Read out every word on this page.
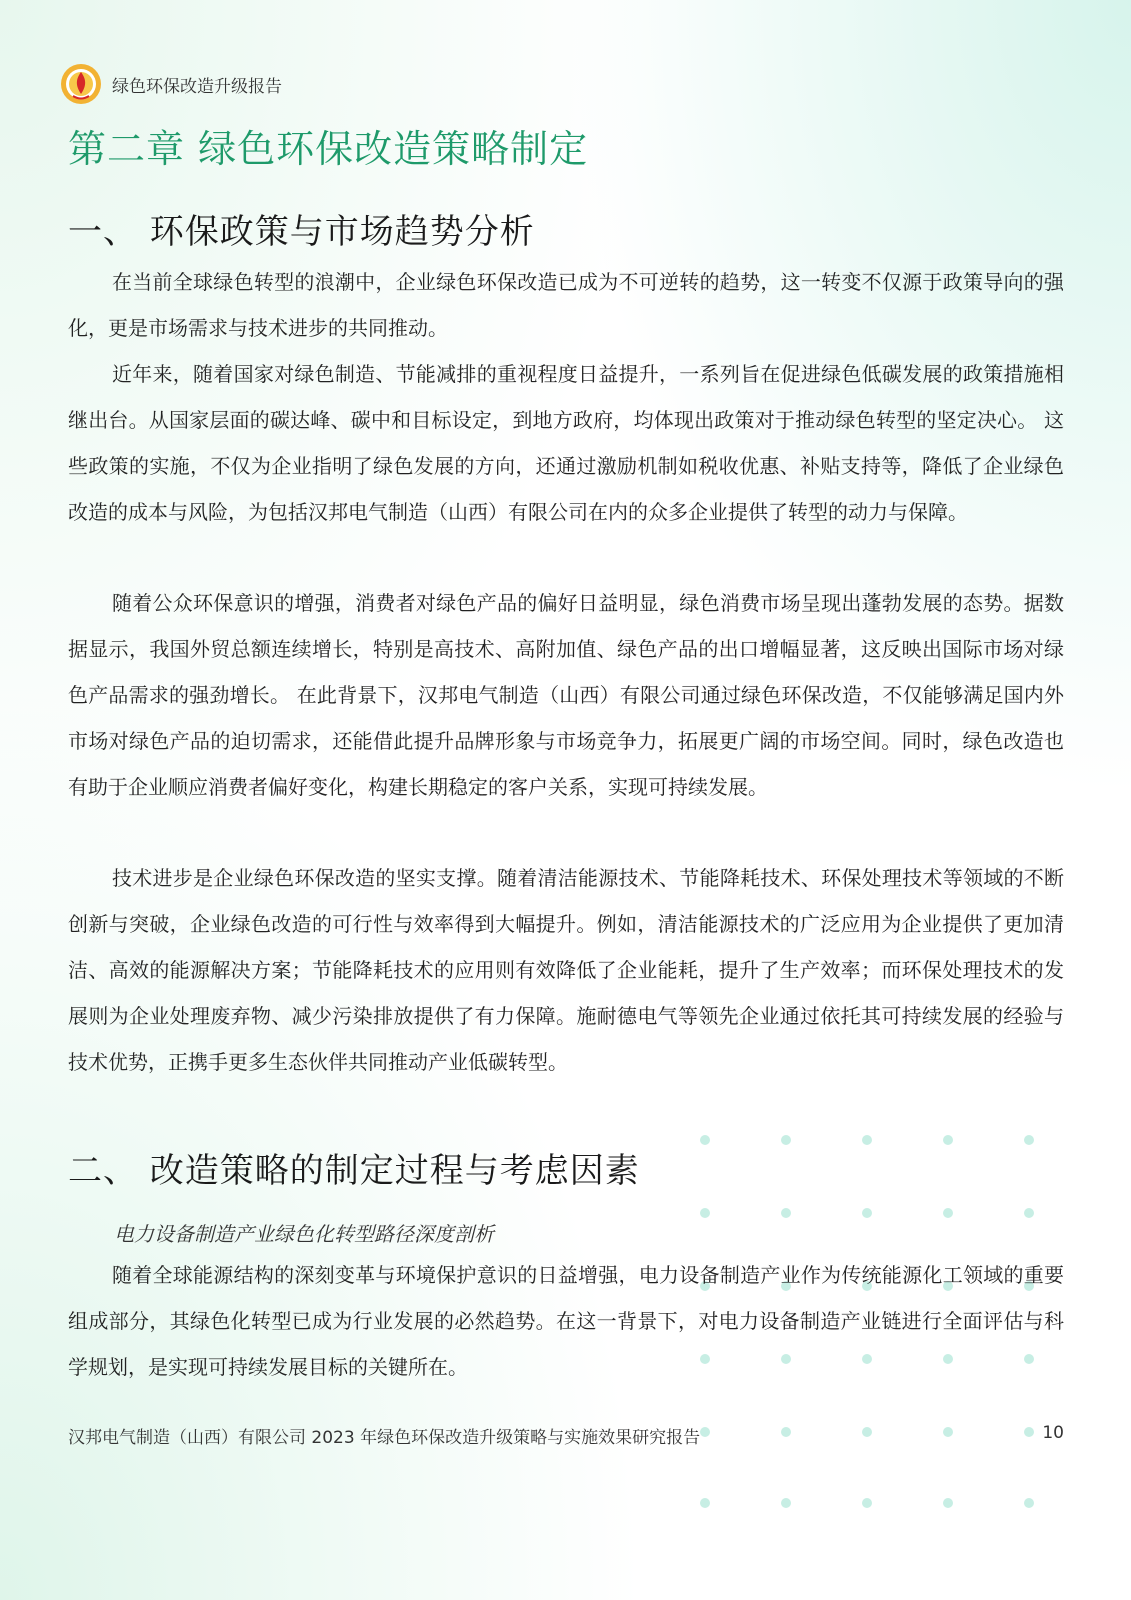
绿色环保改造升级报告
第二章 绿色环保改造策略制定
一、 环保政策与市场趋势分析

在当前全球绿色转型的浪潮中，企业绿色环保改造已成为不可逆转的趋势，这一转变不仅源于政策导向的强化，更是市场需求与技术进步的共同推动。

近年来，随着国家对绿色制造、节能减排的重视程度日益提升，一系列旨在促进绿色低碳发展的政策措施相继出台。从国家层面的碳达峰、碳中和目标设定，到地方政府，均体现出政策对于推动绿色转型的坚定决心。 这些政策的实施，不仅为企业指明了绿色发展的方向，还通过激励机制如税收优惠、补贴支持等，降低了企业绿色改造的成本与风险，为包括汉邦电气制造（山西）有限公司在内的众多企业提供了转型的动力与保障。

随着公众环保意识的增强，消费者对绿色产品的偏好日益明显，绿色消费市场呈现出蓬勃发展的态势。据数据显示，我国外贸总额连续增长，特别是高技术、高附加值、绿色产品的出口增幅显著，这反映出国际市场对绿色产品需求的强劲增长。 在此背景下，汉邦电气制造（山西）有限公司通过绿色环保改造，不仅能够满足国内外市场对绿色产品的迫切需求，还能借此提升品牌形象与市场竞争力，拓展更广阔的市场空间。同时，绿色改造也有助于企业顺应消费者偏好变化，构建长期稳定的客户关系，实现可持续发展。

技术进步是企业绿色环保改造的坚实支撑。随着清洁能源技术、节能降耗技术、环保处理技术等领域的不断创新与突破，企业绿色改造的可行性与效率得到大幅提升。例如，清洁能源技术的广泛应用为企业提供了更加清洁、高效的能源解决方案；节能降耗技术的应用则有效降低了企业能耗，提升了生产效率；而环保处理技术的发展则为企业处理废弃物、减少污染排放提供了有力保障。施耐德电气等领先企业通过依托其可持续发展的经验与技术优势，正携手更多生态伙伴共同推动产业低碳转型。

二、 改造策略的制定过程与考虑因素

电力设备制造产业绿色化转型路径深度剖析

随着全球能源结构的深刻变革与环境保护意识的日益增强，电力设备制造产业作为传统能源化工领域的重要组成部分，其绿色化转型已成为行业发展的必然趋势。在这一背景下，对电力设备制造产业链进行全面评估与科学规划，是实现可持续发展目标的关键所在。

汉邦电气制造（山西）有限公司 2023 年绿色环保改造升级策略与实施效果研究报告	10
